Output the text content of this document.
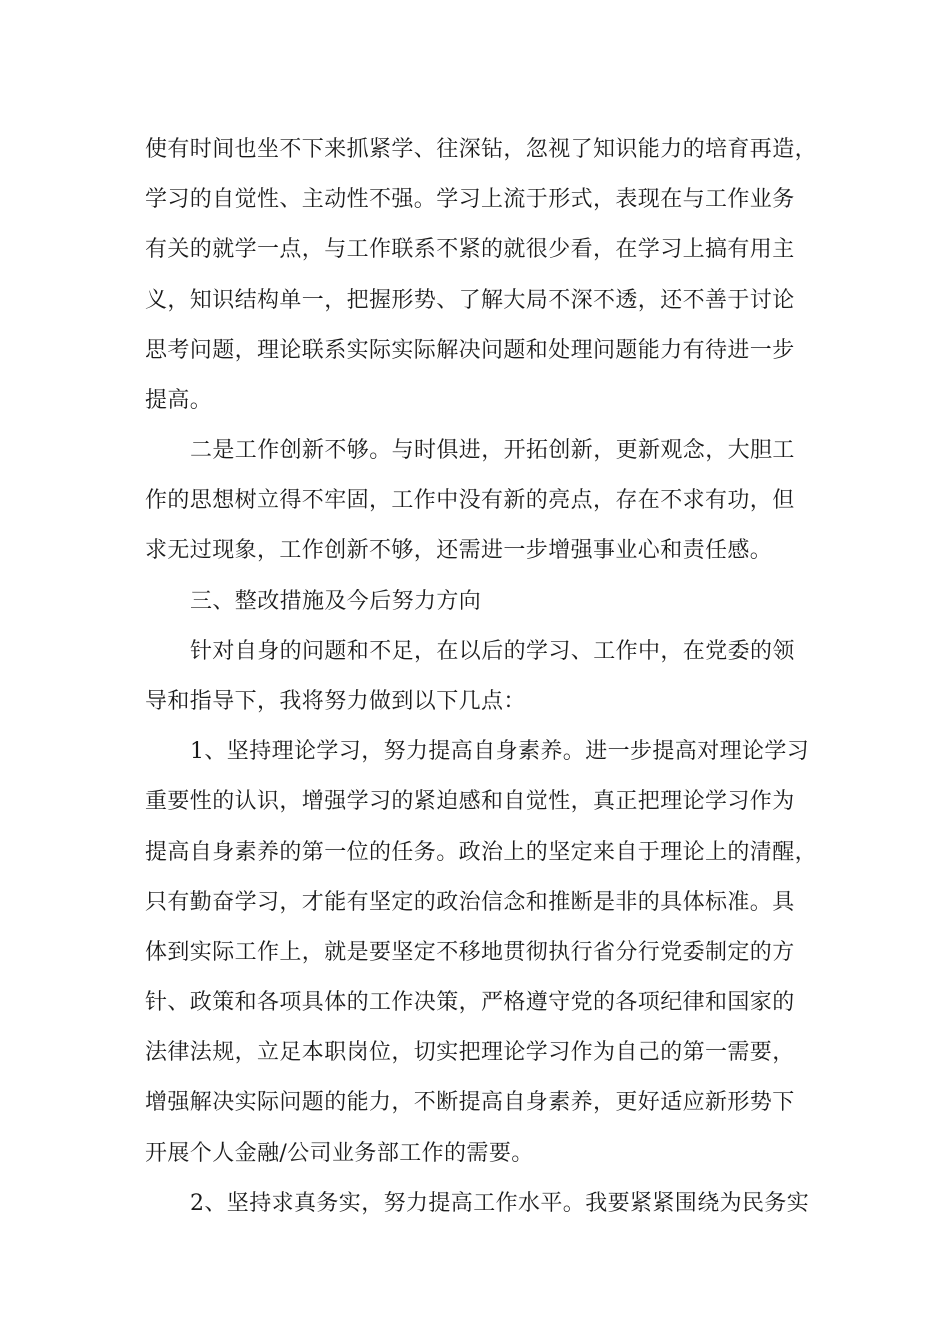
使有时间也坐不下来抓紧学、往深钻，忽视了知识能力的培育再造，
学习的自觉性、主动性不强。学习上流于形式，表现在与工作业务
有关的就学一点，与工作联系不紧的就很少看，在学习上搞有用主
义，知识结构单一，把握形势、了解大局不深不透，还不善于讨论
思考问题，理论联系实际实际解决问题和处理问题能力有待进一步
提高。
二是工作创新不够。与时俱进，开拓创新，更新观念，大胆工
作的思想树立得不牢固，工作中没有新的亮点，存在不求有功，但
求无过现象，工作创新不够，还需进一步增强事业心和责任感。
三、整改措施及今后努力方向
针对自身的问题和不足，在以后的学习、工作中，在党委的领
导和指导下，我将努力做到以下几点：
1、坚持理论学习，努力提高自身素养。进一步提高对理论学习
重要性的认识，增强学习的紧迫感和自觉性，真正把理论学习作为
提高自身素养的第一位的任务。政治上的坚定来自于理论上的清醒，
只有勤奋学习，才能有坚定的政治信念和推断是非的具体标准。具
体到实际工作上，就是要坚定不移地贯彻执行省分行党委制定的方
针、政策和各项具体的工作决策，严格遵守党的各项纪律和国家的
法律法规，立足本职岗位，切实把理论学习作为自己的第一需要，
增强解决实际问题的能力，不断提高自身素养，更好适应新形势下
开展个人金融/公司业务部工作的需要。
2、坚持求真务实，努力提高工作水平。我要紧紧围绕为民务实
